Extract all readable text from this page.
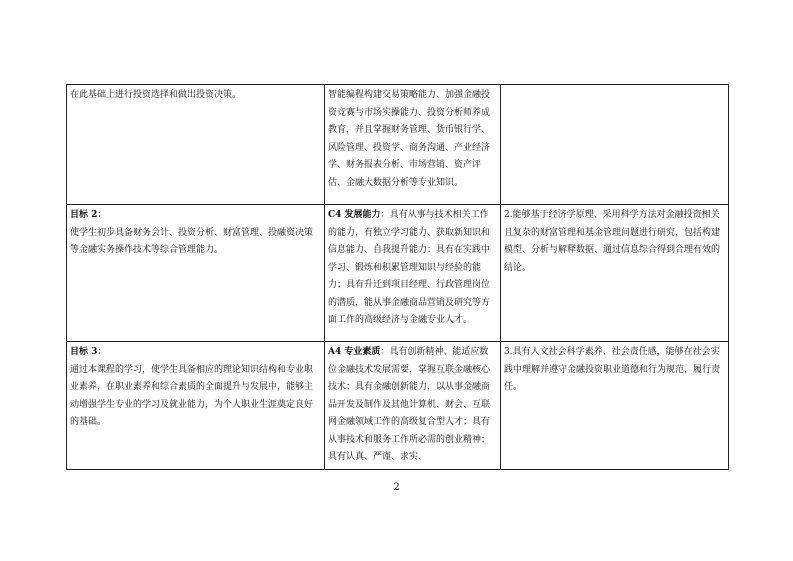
在此基础上进行投资选择和做出投资决策。	智能编程构建交易策略能力、加强金融投资竞赛与市场实操能力、投资分析师养成教育，并且掌握财务管理、货币银行学、风险管理、投资学、商务沟通、产业经济学、财务报表分析、市场营销、资产评估、金融大数据分析等专业知识。	

目标 2：
使学生初步具备财务会计、投资分析、财富管理、投融资决策等金融实务操作技术等综合管理能力。	C4 发展能力：具有从事与技术相关工作的能力，有独立学习能力、获取新知识和信息能力、自我提升能力；具有在实践中学习、锻炼和积累管理知识与经验的能力；具有升迁到项目经理、行政管理岗位的潜质，能从事金融商品营销及研究等方面工作的高级经济与金融专业人才。	2.能够基于经济学原理、采用科学方法对金融投资相关且复杂的财富管理和基金管理问题进行研究，包括构建模型、分析与解释数据、通过信息综合得到合理有效的结论。

目标 3：
通过本课程的学习，使学生具备相应的理论知识结构和专业职业素养，在职业素养和综合素质的全面提升与发展中，能够主动增强学生专业的学习及就业能力，为个人职业生涯奠定良好的基础。	A4 专业素质：具有创新精神、能适应数位金融技术发展需要，掌握互联金融核心技术；具有金融创新能力，以从事金融商品开发及制作及其他计算机、财会、互联网金融领域工作的高级复合型人才；具有从事技术和服务工作所必需的创业精神；具有认真、严谨、求实、	3.具有人文社会科学素养、社会责任感，能够在社会实践中理解并遵守金融投资职业道德和行为规范，履行责任。
2
